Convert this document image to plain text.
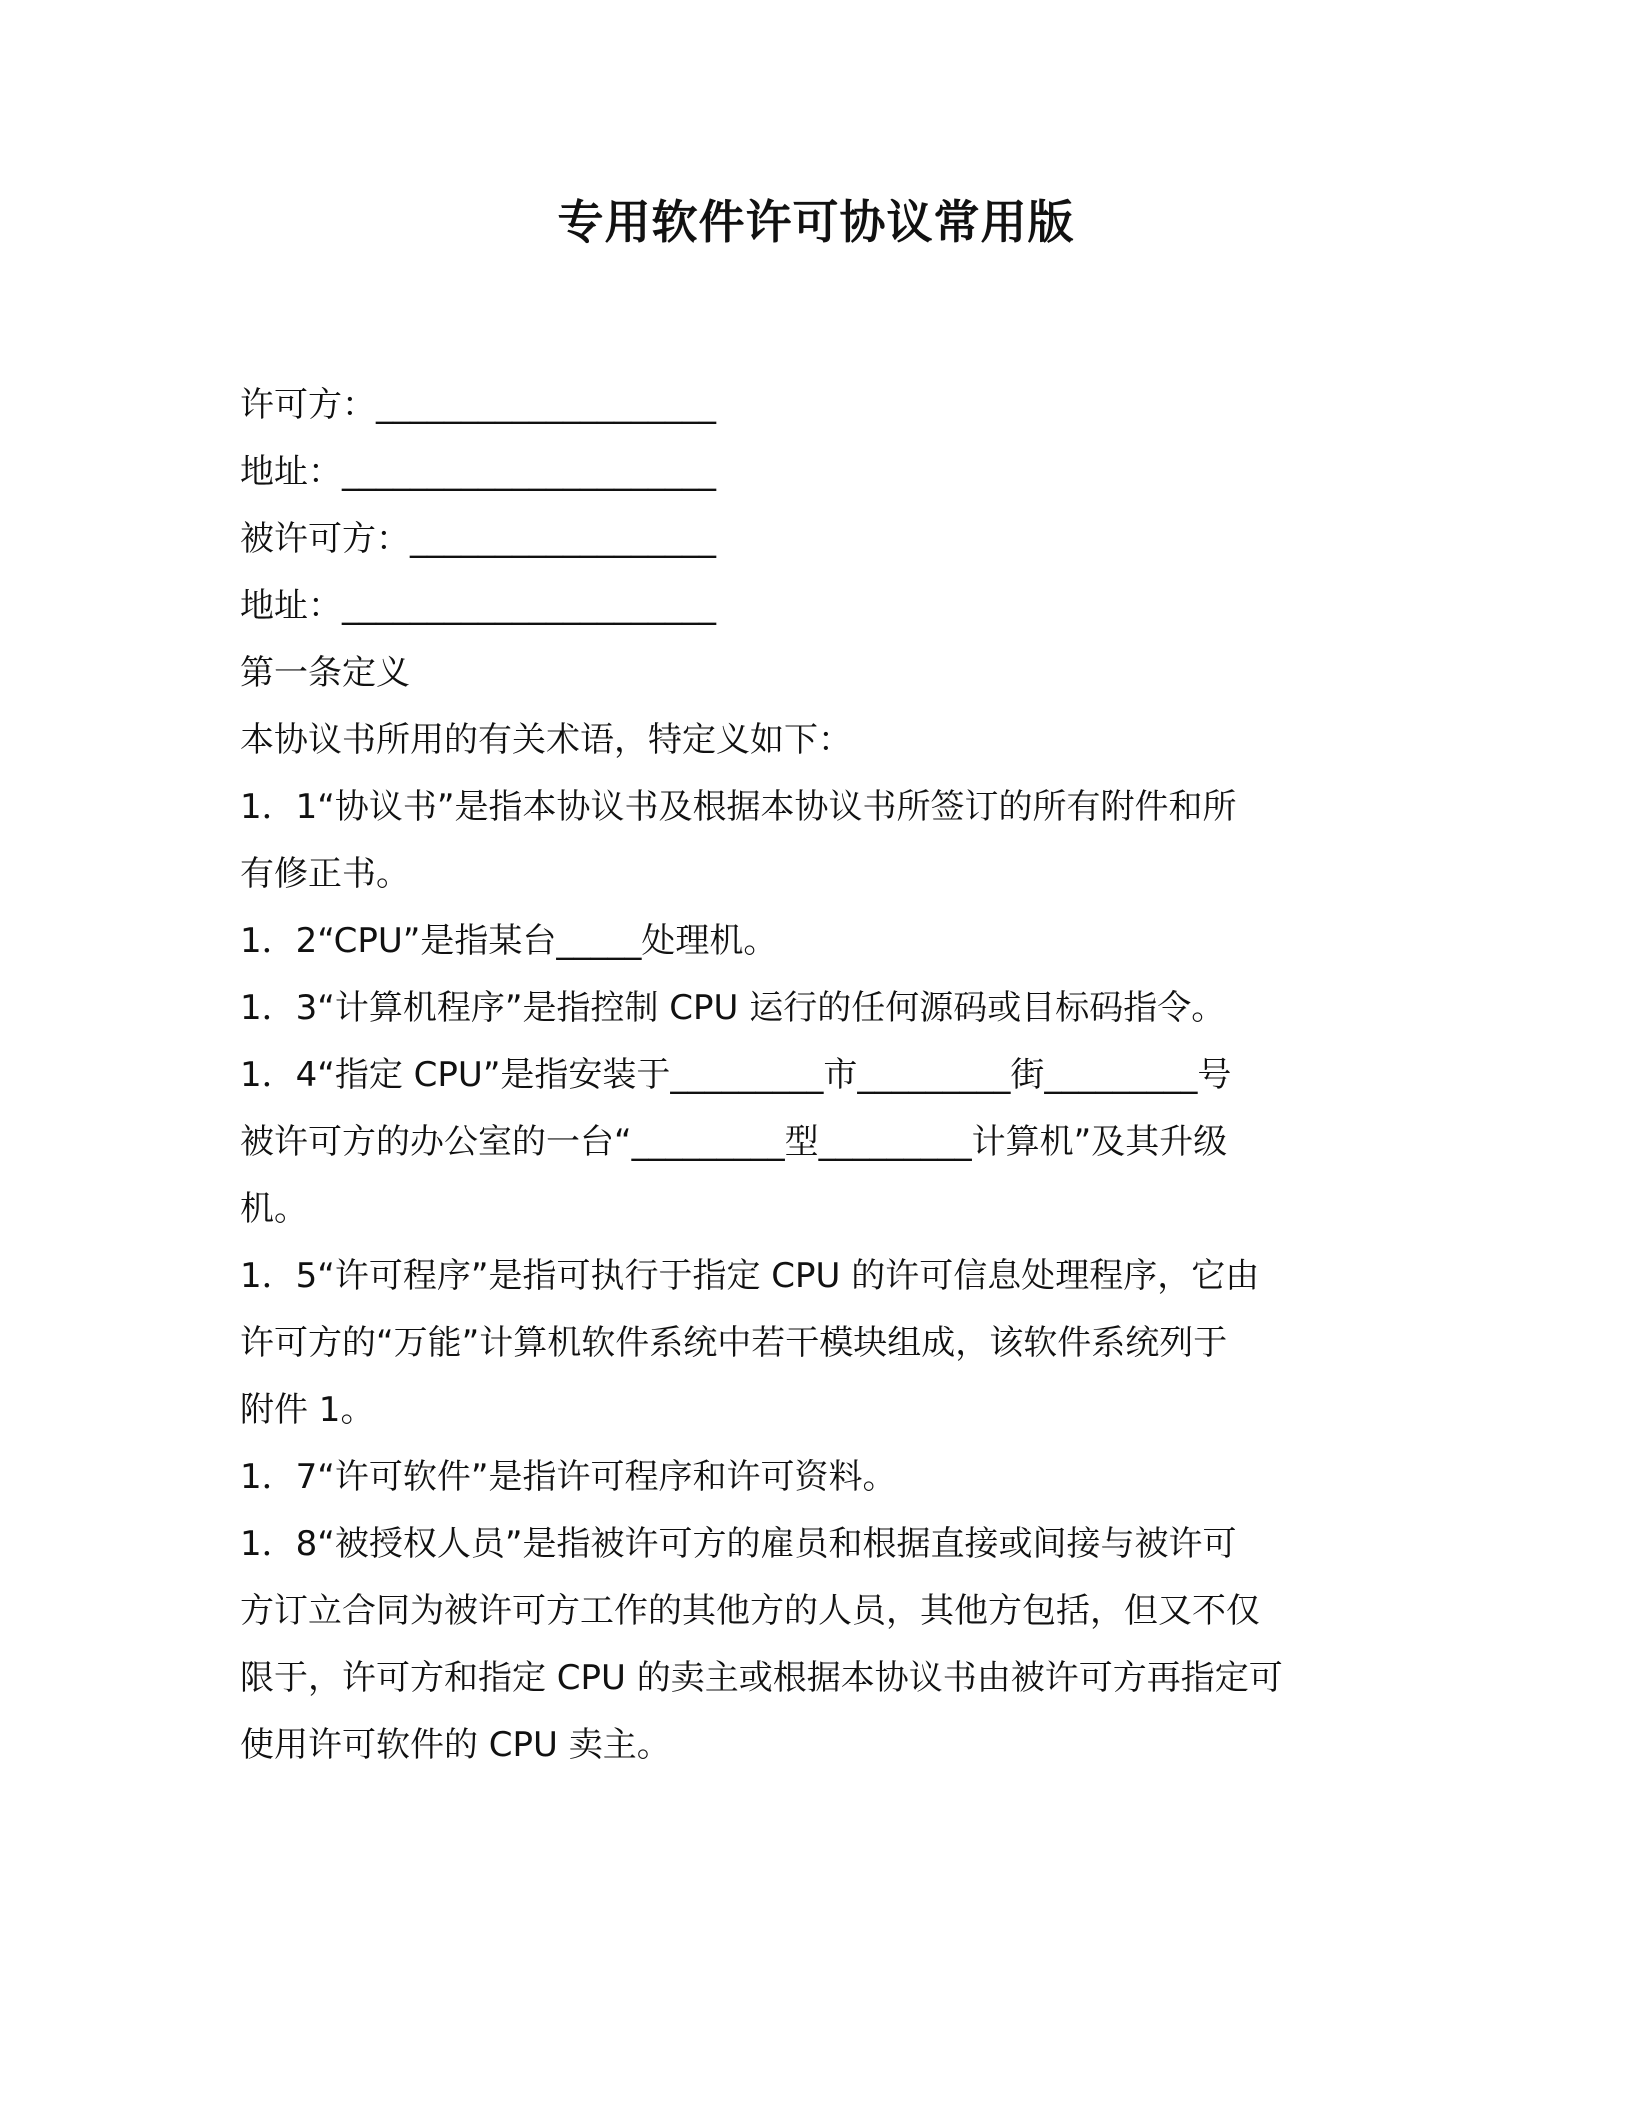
专用软件许可协议常用版
许可方：____________________
地址：______________________
被许可方：__________________
地址：______________________
第一条定义
本协议书所用的有关术语，特定义如下：
1．1“协议书”是指本协议书及根据本协议书所签订的所有附件和所
有修正书。
1．2“CPU”是指某台_____处理机。
1．3“计算机程序”是指控制 CPU 运行的任何源码或目标码指令。
1．4“指定 CPU”是指安装于_________市_________街_________号
被许可方的办公室的一台“_________型_________计算机”及其升级
机。
1．5“许可程序”是指可执行于指定 CPU 的许可信息处理程序，它由
许可方的“万能”计算机软件系统中若干模块组成，该软件系统列于
附件 1。
1．7“许可软件”是指许可程序和许可资料。
1．8“被授权人员”是指被许可方的雇员和根据直接或间接与被许可
方订立合同为被许可方工作的其他方的人员，其他方包括，但又不仅
限于，许可方和指定 CPU 的卖主或根据本协议书由被许可方再指定可
使用许可软件的 CPU 卖主。
